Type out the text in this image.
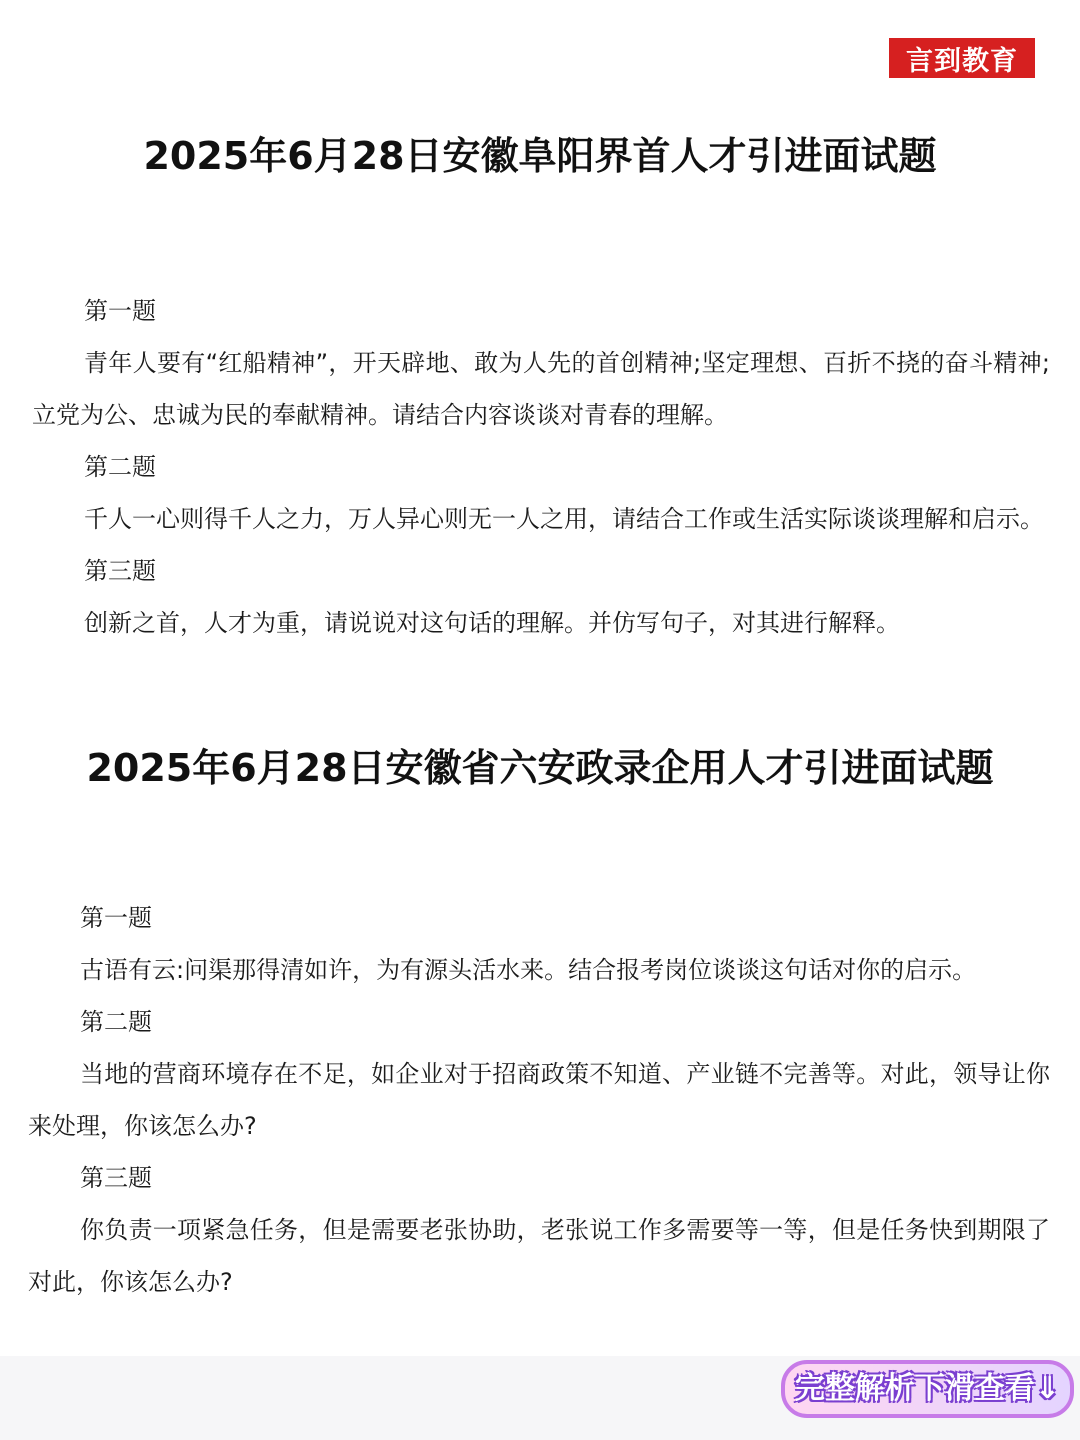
言到教育
2025年6月28日安徽阜阳界首人才引进面试题

第一题

青年人要有“红船精神”，开天辟地、敢为人先的首创精神;坚定理想、百折不挠的奋斗精神;立党为公、忠诚为民的奉献精神。请结合内容谈谈对青春的理解。

第二题

千人一心则得千人之力，万人异心则无一人之用，请结合工作或生活实际谈谈理解和启示。

第三题

创新之首，人才为重，请说说对这句话的理解。并仿写句子，对其进行解释。

2025年6月28日安徽省六安政录企用人才引进面试题

第一题

古语有云:问渠那得清如许，为有源头活水来。结合报考岗位谈谈这句话对你的启示。

第二题

当地的营商环境存在不足，如企业对于招商政策不知道、产业链不完善等。对此，领导让你来处理，你该怎么办?

第三题

你负责一项紧急任务，但是需要老张协助，老张说工作多需要等一等，但是任务快到期限了对此，你该怎么办?

完整解析下滑查看⇓
